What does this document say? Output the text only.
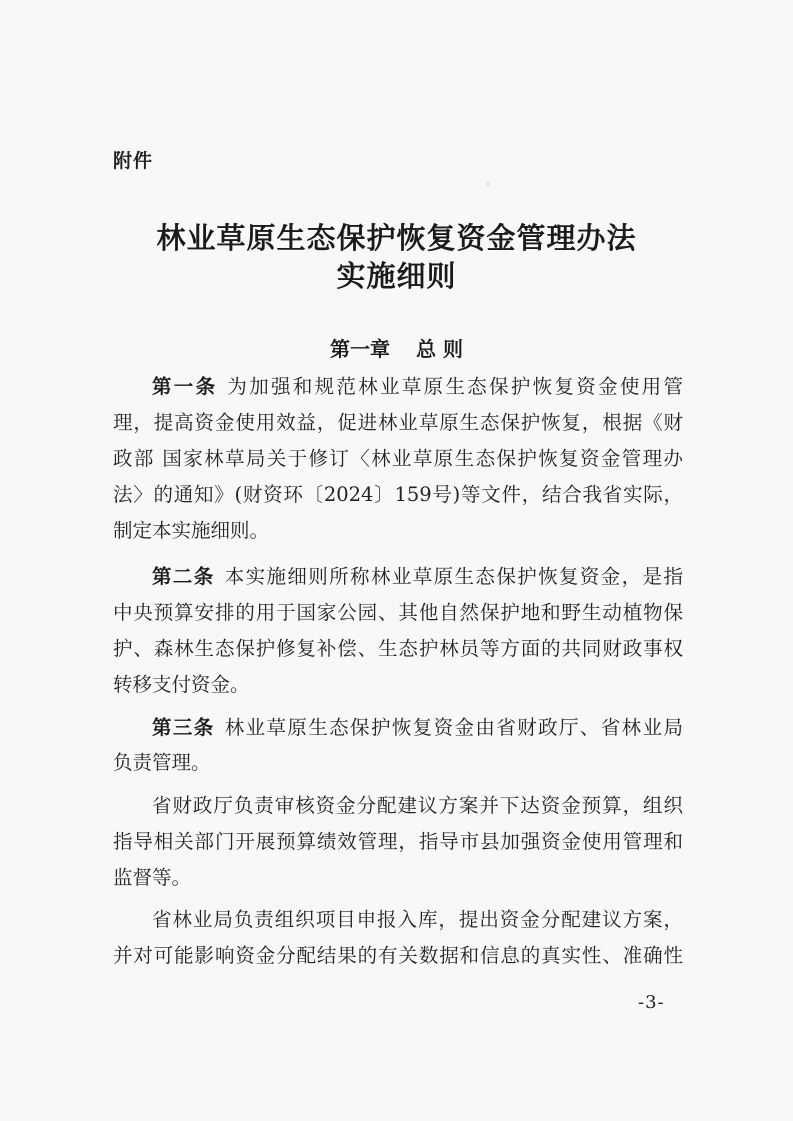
附件
林业草原生态保护恢复资金管理办法
实施细则
第一章 总 则
第一条 为加强和规范林业草原生态保护恢复资金使用管
理，提高资金使用效益，促进林业草原生态保护恢复，根据《财
政部 国家林草局关于修订〈林业草原生态保护恢复资金管理办
法〉的通知》(财资环〔2024〕159号)等文件，结合我省实际，
制定本实施细则。
第二条 本实施细则所称林业草原生态保护恢复资金，是指
中央预算安排的用于国家公园、其他自然保护地和野生动植物保
护、森林生态保护修复补偿、生态护林员等方面的共同财政事权
转移支付资金。
第三条 林业草原生态保护恢复资金由省财政厅、省林业局
负责管理。
省财政厅负责审核资金分配建议方案并下达资金预算，组织
指导相关部门开展预算绩效管理，指导市县加强资金使用管理和
监督等。
省林业局负责组织项目申报入库，提出资金分配建议方案，
并对可能影响资金分配结果的有关数据和信息的真实性、准确性
-3-
